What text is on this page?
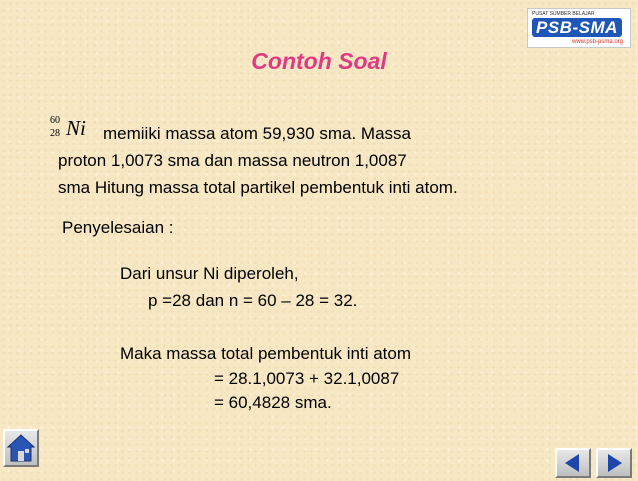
PUSAT SUMBER BELAJAR
PSB-SMA
www.psb-psma.org
Contoh Soal
60
28 Ni memiiki massa atom 59,930 sma. Massa
proton 1,0073 sma dan massa neutron 1,0087
sma Hitung massa total partikel pembentuk inti atom.
Penyelesaian :
Dari unsur Ni diperoleh,
p =28 dan n = 60 – 28 = 32.
Maka massa total pembentuk inti atom
= 28.1,0073 + 32.1,0087
= 60,4828 sma.
